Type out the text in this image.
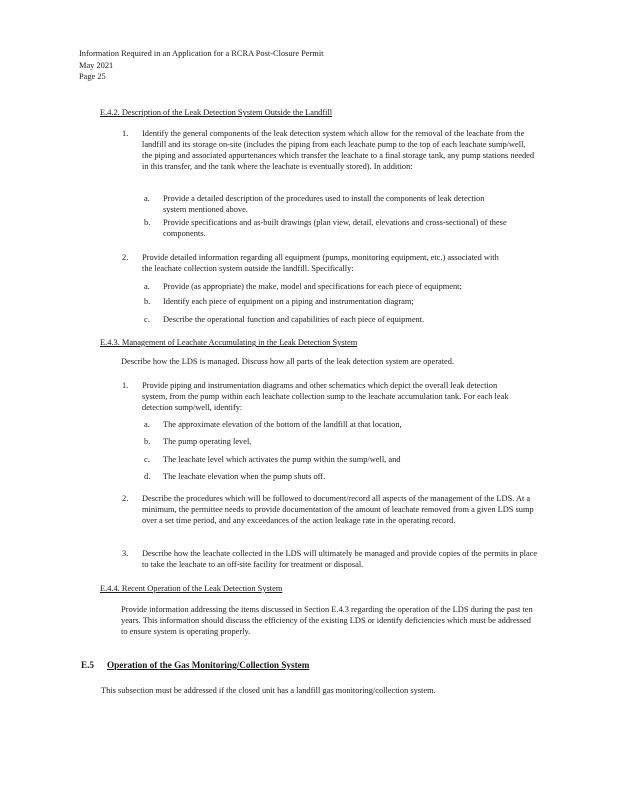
Information Required in an Application for a RCRA Post-Closure Permit
May 2021
Page 25
E.4.2. Description of the Leak Detection System Outside the Landfill
1.	Identify the general components of the leak detection system which allow for the removal of the leachate from the landfill and its storage on-site (includes the piping from each leachate pump to the top of each leachate sump/well, the piping and associated appurtenances which transfer the leachate to a final storage tank, any pump stations needed in this transfer, and the tank where the leachate is eventually stored). In addition:
a.	Provide a detailed description of the procedures used to install the components of leak detection system mentioned above.
b.	Provide specifications and as-built drawings (plan view, detail, elevations and cross-sectional) of these components.
2.	Provide detailed information regarding all equipment (pumps, monitoring equipment, etc.) associated with the leachate collection system outside the landfill. Specifically:
a.	Provide (as appropriate) the make, model and specifications for each piece of equipment;
b.	Identify each piece of equipment on a piping and instrumentation diagram;
c.	Describe the operational function and capabilities of each piece of equipment.
E.4.3. Management of Leachate Accumulating in the Leak Detection System
Describe how the LDS is managed. Discuss how all parts of the leak detection system are operated.
1.	Provide piping and instrumentation diagrams and other schematics which depict the overall leak detection system, from the pump within each leachate collection sump to the leachate accumulation tank. For each leak detection sump/well, identify:
a.	The approximate elevation of the bottom of the landfill at that location,
b.	The pump operating level,
c.	The leachate level which activates the pump within the sump/well, and
d.	The leachate elevation when the pump shuts off.
2.	Describe the procedures which will be followed to document/record all aspects of the management of the LDS. At a minimum, the permittee needs to provide documentation of the amount of leachate removed from a given LDS sump over a set time period, and any exceedances of the action leakage rate in the operating record.
3.	Describe how the leachate collected in the LDS will ultimately be managed and provide copies of the permits in place to take the leachate to an off-site facility for treatment or disposal.
E.4.4. Recent Operation of the Leak Detection System
Provide information addressing the items discussed in Section E.4.3 regarding the operation of the LDS during the past ten years. This information should discuss the efficiency of the existing LDS or identify deficiencies which must be addressed to ensure system is operating properly.
E.5 Operation of the Gas Monitoring/Collection System
This subsection must be addressed if the closed unit has a landfill gas monitoring/collection system.
